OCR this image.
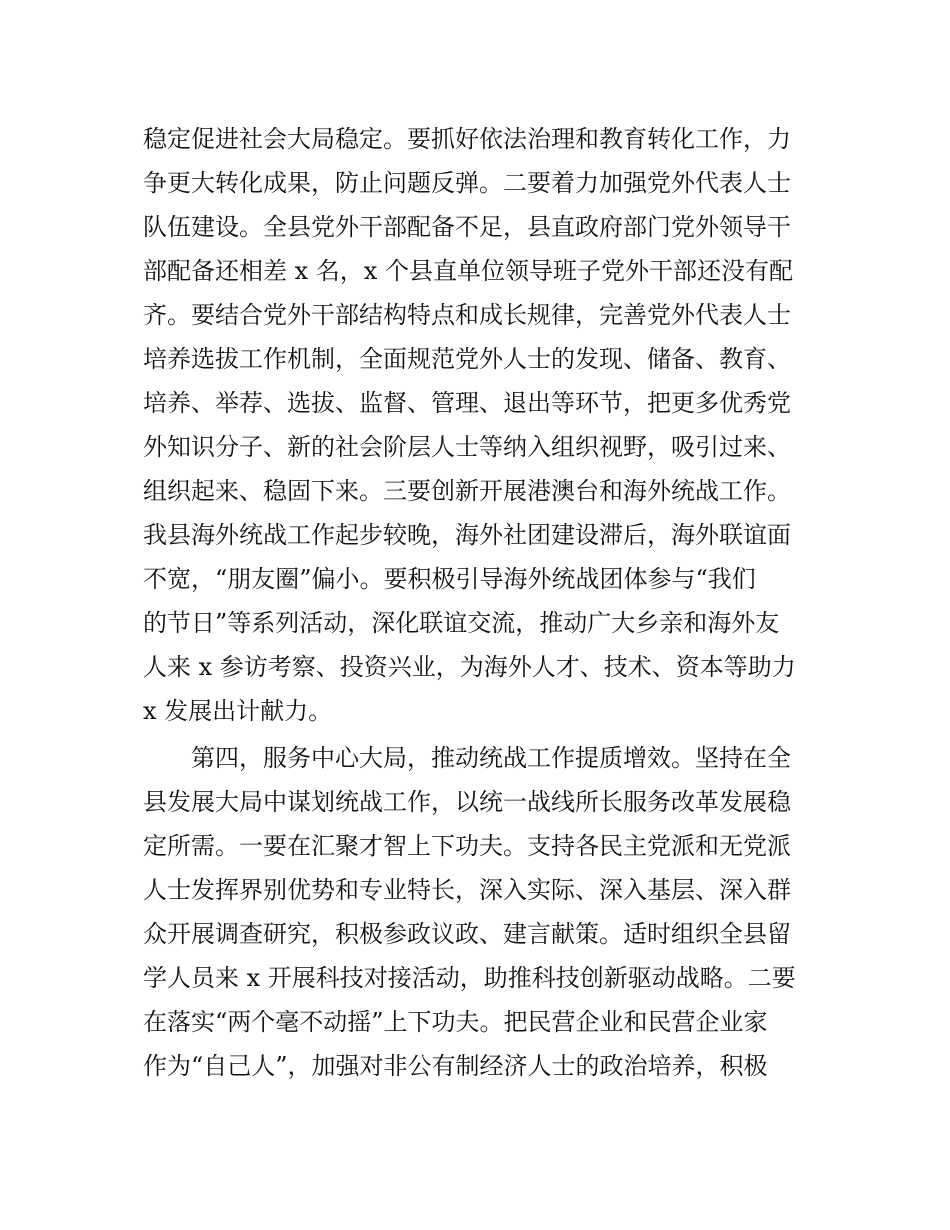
稳定促进社会大局稳定。要抓好依法治理和教育转化工作，力
争更大转化成果，防止问题反弹。二要着力加强党外代表人士
队伍建设。全县党外干部配备不足，县直政府部门党外领导干
部配备还相差 x 名，x 个县直单位领导班子党外干部还没有配
齐。要结合党外干部结构特点和成长规律，完善党外代表人士
培养选拔工作机制，全面规范党外人士的发现、储备、教育、
培养、举荐、选拔、监督、管理、退出等环节，把更多优秀党
外知识分子、新的社会阶层人士等纳入组织视野，吸引过来、
组织起来、稳固下来。三要创新开展港澳台和海外统战工作。
我县海外统战工作起步较晚，海外社团建设滞后，海外联谊面
不宽，“朋友圈”偏小。要积极引导海外统战团体参与“我们
的节日”等系列活动，深化联谊交流，推动广大乡亲和海外友
人来 x 参访考察、投资兴业，为海外人才、技术、资本等助力
x 发展出计献力。
第四，服务中心大局，推动统战工作提质增效。坚持在全
县发展大局中谋划统战工作，以统一战线所长服务改革发展稳
定所需。一要在汇聚才智上下功夫。支持各民主党派和无党派
人士发挥界别优势和专业特长，深入实际、深入基层、深入群
众开展调查研究，积极参政议政、建言献策。适时组织全县留
学人员来 x 开展科技对接活动，助推科技创新驱动战略。二要
在落实“两个毫不动摇”上下功夫。把民营企业和民营企业家
作为“自己人”，加强对非公有制经济人士的政治培养，积极
